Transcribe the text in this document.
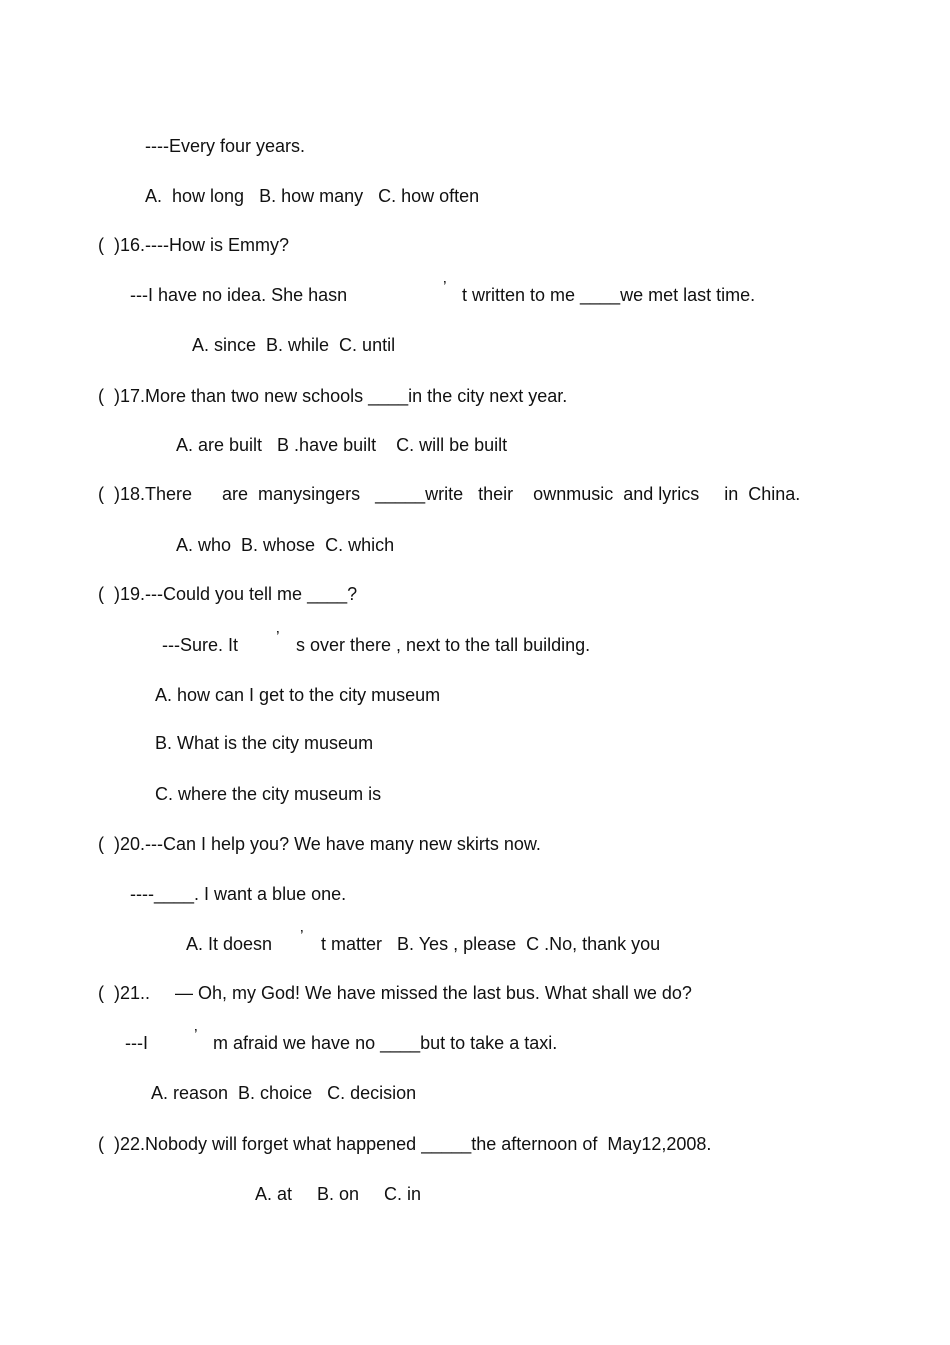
----Every four years.

A.  how long   B. how many   C. how often

(  )16.----How is Emmy?

---I have no idea. She hasn	’ t written to me ____we met last time.

A. since  B. while  C. until

(  )17.More than two new schools ____in the city next year.

A. are built   B .have built    C. will be built

(  )18.There      are  manysingers   _____write   their    ownmusic  and lyrics     in  China.

A. who  B. whose  C. which

(  )19.---Could you tell me ____?

---Sure. It ’ s over there , next to the tall building.

A. how can I get to the city museum

B. What is the city museum

C. where the city museum is

(  )20.---Can I help you? We have many new skirts now.

----____. I want a blue one.

A. It doesn ’ t matter   B. Yes , please  C .No, thank you

(  )21..     — Oh, my God! We have missed the last bus. What shall we do?

---I	’ m afraid we have no ____but to take a taxi.

A. reason  B. choice   C. decision

(  )22.Nobody will forget what happened _____the afternoon of  May12,2008.

A. at     B. on     C. in
